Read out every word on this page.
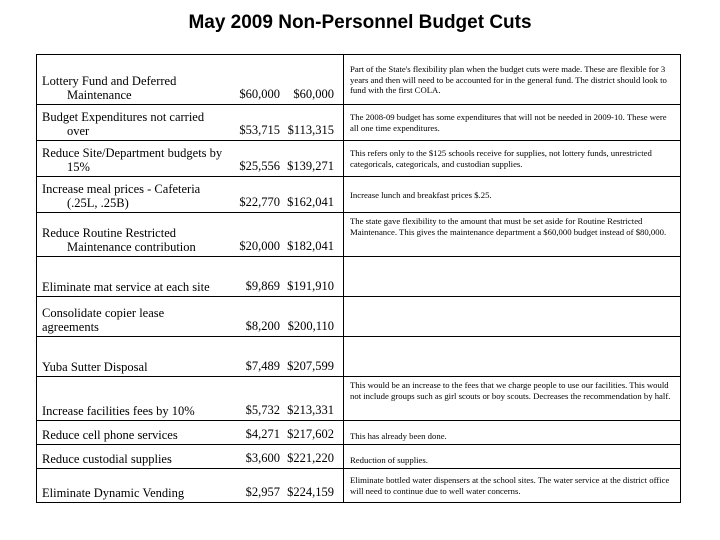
May 2009 Non-Personnel Budget Cuts
Lottery Fund and Deferred
Maintenance	$60,000	$60,000
Part of the State's flexibility plan when the budget cuts were made. These are flexible for 3 years and then will need to be accounted for in the general fund. The district should look to fund with the first COLA.
Budget Expenditures not carried
over	$53,715 $113,315
The 2008-09 budget has some expenditures that will not be needed in 2009-10. These were all one time expenditures.
Reduce Site/Department budgets by
15%	$25,556 $139,271
This refers only to the $125 schools receive for supplies, not lottery funds, unrestricted categoricals, categoricals, and custodian supplies.
Increase meal prices - Cafeteria
(.25L, .25B)	$22,770 $162,041
Increase lunch and breakfast prices $.25.
Reduce Routine Restricted
Maintenance contribution	$20,000 $182,041
The state gave flexibility to the amount that must be set aside for Routine Restricted Maintenance. This gives the maintenance department a $60,000 budget instead of $80,000.
Eliminate mat service at each site	$9,869 $191,910
Consolidate copier lease agreements	$8,200 $200,110
Yuba Sutter Disposal	$7,489 $207,599
Increase facilities fees by 10%	$5,732 $213,331
This would be an increase to the fees that we charge people to use our facilities. This would not include groups such as girl scouts or boy scouts. Decreases the recommendation by half.
Reduce cell phone services	$4,271 $217,602	This has already been done.
Reduce custodial supplies	$3,600 $221,220	Reduction of supplies.
Eliminate Dynamic Vending	$2,957 $224,159
Eliminate bottled water dispensers at the school sites. The water service at the district office will need to continue due to well water concerns.
